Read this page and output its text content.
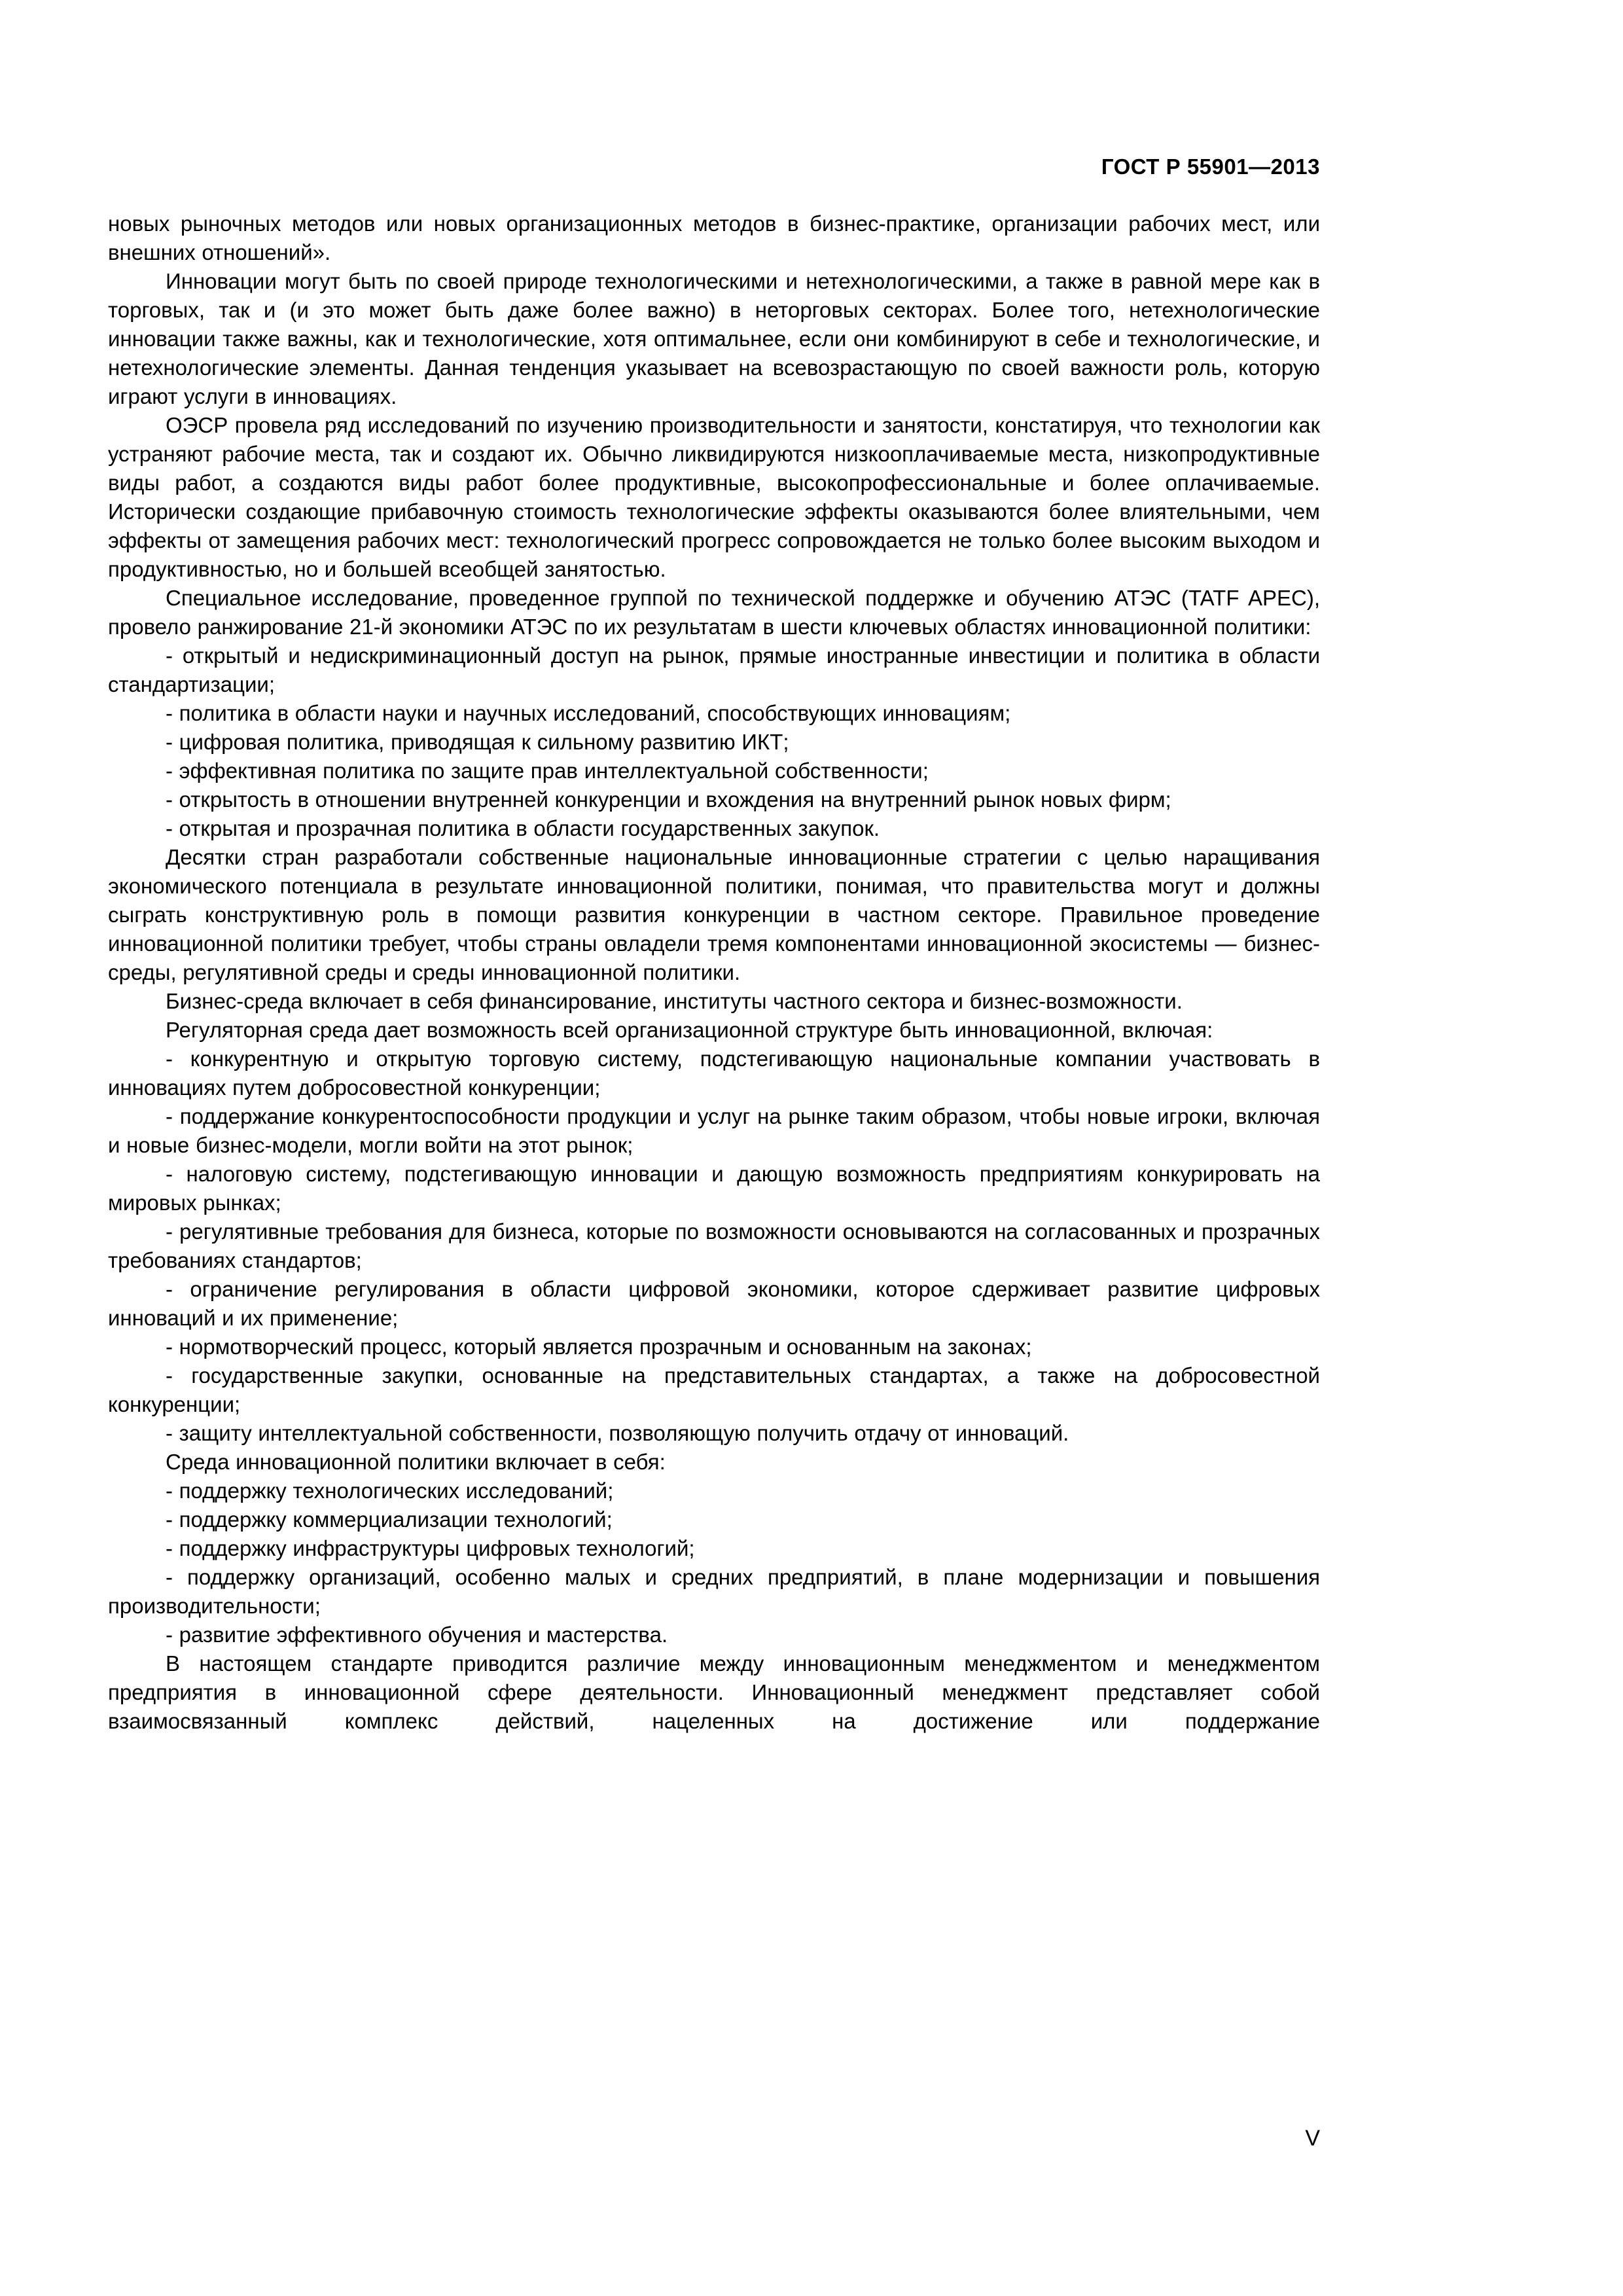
ГОСТ Р 55901—2013

новых рыночных методов или новых организационных методов в бизнес-практике, организации рабочих мест, или внешних отношений».

Инновации могут быть по своей природе технологическими и нетехнологическими, а также в равной мере как в торговых, так и (и это может быть даже более важно) в неторговых секторах. Более того, нетехнологические инновации также важны, как и технологические, хотя оптимальнее, если они комбинируют в себе и технологические, и нетехнологические элементы. Данная тенденция указывает на всевозрастающую по своей важности роль, которую играют услуги в инновациях.

ОЭСР провела ряд исследований по изучению производительности и занятости, констатируя, что технологии как устраняют рабочие места, так и создают их. Обычно ликвидируются низкооплачиваемые места, низкопродуктивные виды работ, а создаются виды работ более продуктивные, высокопрофессиональные и более оплачиваемые. Исторически создающие прибавочную стоимость технологические эффекты оказываются более влиятельными, чем эффекты от замещения рабочих мест: технологический прогресс сопровождается не только более высоким выходом и продуктивностью, но и большей всеобщей занятостью.

Специальное исследование, проведенное группой по технической поддержке и обучению АТЭС (TATF APEC), провело ранжирование 21-й экономики АТЭС по их результатам в шести ключевых областях инновационной политики:

- открытый и недискриминационный доступ на рынок, прямые иностранные инвестиции и политика в области стандартизации;

- политика в области науки и научных исследований, способствующих инновациям;

- цифровая политика, приводящая к сильному развитию ИКТ;

- эффективная политика по защите прав интеллектуальной собственности;

- открытость в отношении внутренней конкуренции и вхождения на внутренний рынок новых фирм;

- открытая и прозрачная политика в области государственных закупок.

Десятки стран разработали собственные национальные инновационные стратегии с целью наращивания экономического потенциала в результате инновационной политики, понимая, что правительства могут и должны сыграть конструктивную роль в помощи развития конкуренции в частном секторе. Правильное проведение инновационной политики требует, чтобы страны овладели тремя компонентами инновационной экосистемы — бизнес-среды, регулятивной среды и среды инновационной политики.

Бизнес-среда включает в себя финансирование, институты частного сектора и бизнес-возможности.

Регуляторная среда дает возможность всей организационной структуре быть инновационной, включая:

- конкурентную и открытую торговую систему, подстегивающую национальные компании участвовать в инновациях путем добросовестной конкуренции;

- поддержание конкурентоспособности продукции и услуг на рынке таким образом, чтобы новые игроки, включая и новые бизнес-модели, могли войти на этот рынок;

- налоговую систему, подстегивающую инновации и дающую возможность предприятиям конкурировать на мировых рынках;

- регулятивные требования для бизнеса, которые по возможности основываются на согласованных и прозрачных требованиях стандартов;

- ограничение регулирования в области цифровой экономики, которое сдерживает развитие цифровых инноваций и их применение;

- нормотворческий процесс, который является прозрачным и основанным на законах;

- государственные закупки, основанные на представительных стандартах, а также на добросовестной конкуренции;

- защиту интеллектуальной собственности, позволяющую получить отдачу от инноваций.

Среда инновационной политики включает в себя:

- поддержку технологических исследований;

- поддержку коммерциализации технологий;

- поддержку инфраструктуры цифровых технологий;

- поддержку организаций, особенно малых и средних предприятий, в плане модернизации и повышения производительности;

- развитие эффективного обучения и мастерства.

В настоящем стандарте приводится различие между инновационным менеджментом и менеджментом предприятия в инновационной сфере деятельности. Инновационный менеджмент представляет собой взаимосвязанный комплекс действий, нацеленных на достижение или поддержание

V
